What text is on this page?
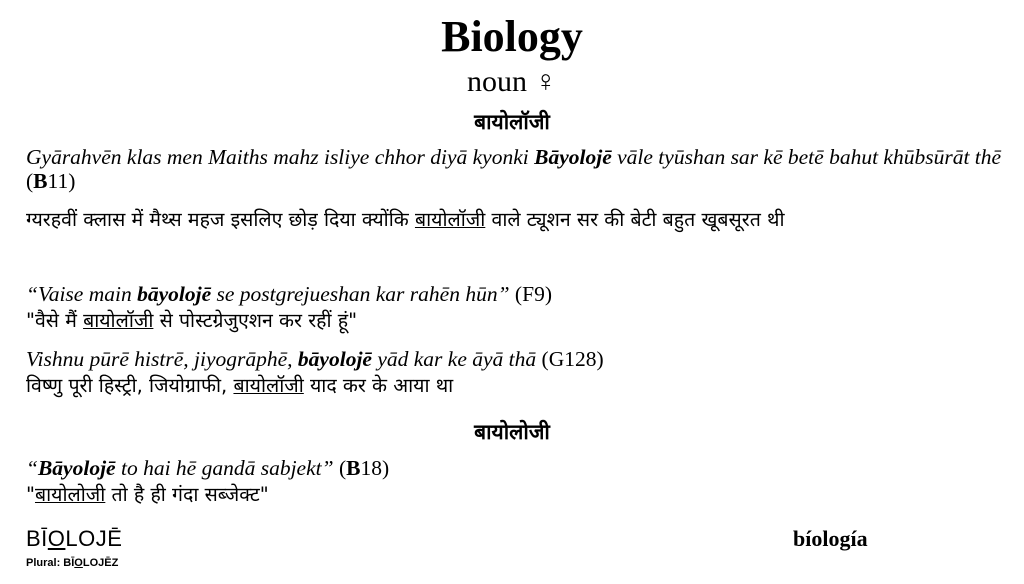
Biology
noun ♀
बायोलॉजी
Gyārahvēn klas men Maiths mahz isliye chhor diyā kyonki Bāyolojē vāle tyūshan sar kē betē bahut khūbsūrāt thē (B11)
ग्यरहवीं क्लास में मैथ्स महज इसलिए छोड़ दिया क्योंकि बायोलॉजी वाले ट्यूशन सर की बेटी बहुत खूबसूरत थी
“Vaise main bāyolojē se postgrejueshan kar rahēn hūn” (F9)
"वैसे मैं बायोलॉजी से पोस्टग्रेजुएशन कर रहीं हूं"
Vishnu pūrē histrē, jiyogrāphē, bāyolojē yād kar ke āyā thā (G128)
विष्णु पूरी हिस्ट्री, जियोग्राफी, बायोलॉजी याद कर के आया था
बायोलोजी
“Bāyolojē to hai hē gandā sabjekt” (B18)
"बायोलोजी तो है ही गंदा सब्जेक्ट"
BĪOLOJĒ
Plural: BĪOLOJĒZ
bíología
